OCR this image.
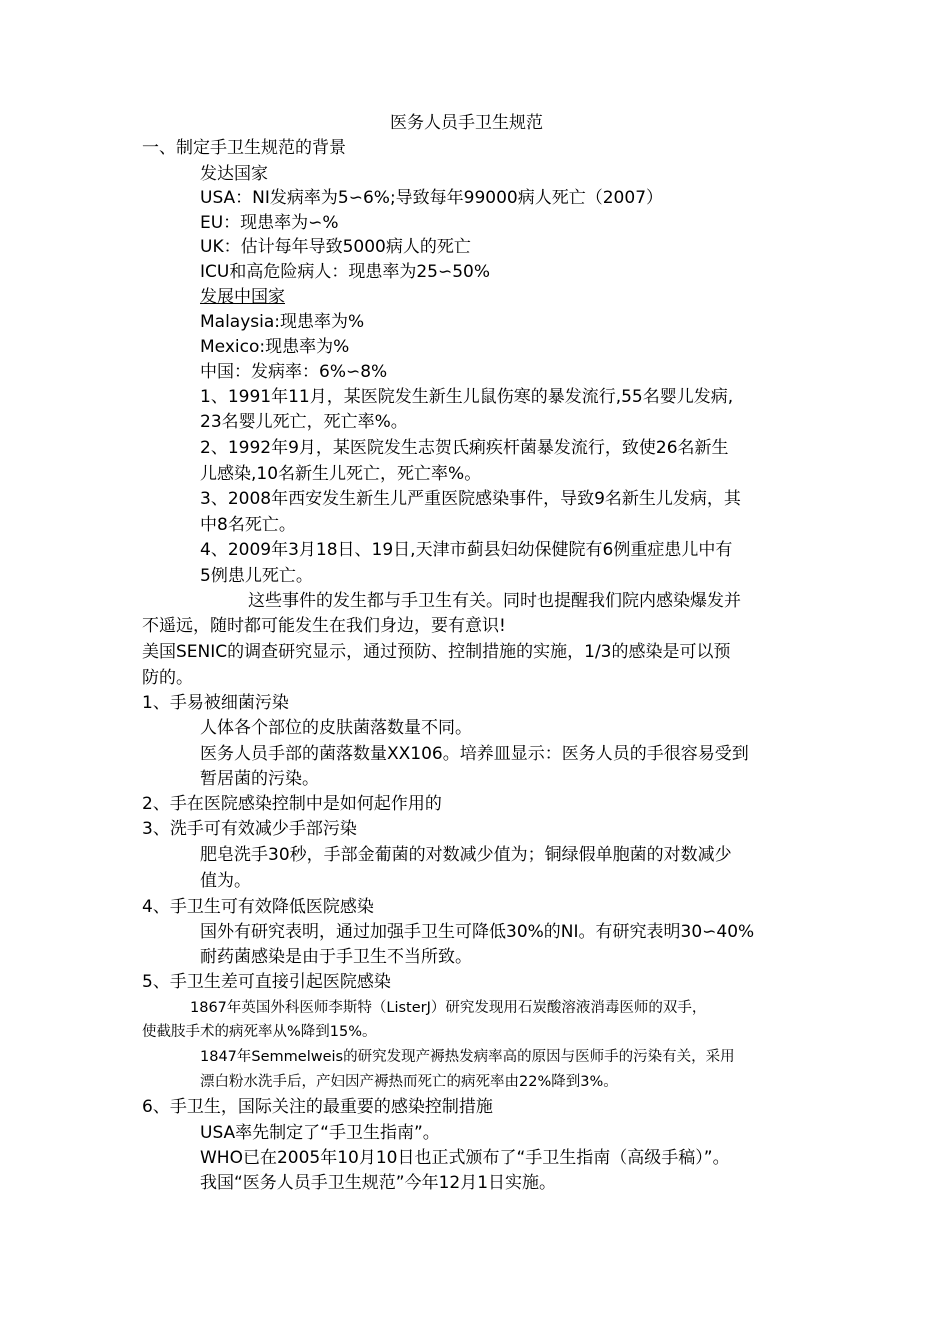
医务人员手卫生规范
一、制定手卫生规范的背景
发达国家
USA：NI发病率为5∽6%;导致每年99000病人死亡（2007）
EU：现患率为∽%
UK：估计每年导致5000病人的死亡
ICU和高危险病人：现患率为25∽50%
发展中国家
Malaysia:现患率为%
Mexico:现患率为%
中国：发病率：6%∽8%
1、1991年11月，某医院发生新生儿鼠伤寒的暴发流行,55名婴儿发病,
23名婴儿死亡，死亡率%。
2、1992年9月，某医院发生志贺氏痢疾杆菌暴发流行，致使26名新生
儿感染,10名新生儿死亡，死亡率%。
3、2008年西安发生新生儿严重医院感染事件，导致9名新生儿发病，其
中8名死亡。
4、2009年3月18日、19日,天津市蓟县妇幼保健院有6例重症患儿中有
5例患儿死亡。
这些事件的发生都与手卫生有关。同时也提醒我们院内感染爆发并
不遥远，随时都可能发生在我们身边，要有意识!
美国SENIC的调查研究显示，通过预防、控制措施的实施，1/3的感染是可以预
防的。
1、手易被细菌污染
人体各个部位的皮肤菌落数量不同。
医务人员手部的菌落数量XX106。培养皿显示：医务人员的手很容易受到
暂居菌的污染。
2、手在医院感染控制中是如何起作用的
3、洗手可有效减少手部污染
肥皂洗手30秒，手部金葡菌的对数减少值为；铜绿假单胞菌的对数减少
值为。
4、手卫生可有效降低医院感染
国外有研究表明，通过加强手卫生可降低30%的NI。有研究表明30∽40%
耐药菌感染是由于手卫生不当所致。
5、手卫生差可直接引起医院感染
1867年英国外科医师李斯特（ListerJ）研究发现用石炭酸溶液消毒医师的双手，
使截肢手术的病死率从%降到15%。
1847年Semmelweis的研究发现产褥热发病率高的原因与医师手的污染有关，采用
漂白粉水洗手后，产妇因产褥热而死亡的病死率由22%降到3%。
6、手卫生，国际关注的最重要的感染控制措施
USA率先制定了“手卫生指南”。
WHO已在2005年10月10日也正式颁布了“手卫生指南（高级手稿）”。
我国“医务人员手卫生规范”今年12月1日实施。
